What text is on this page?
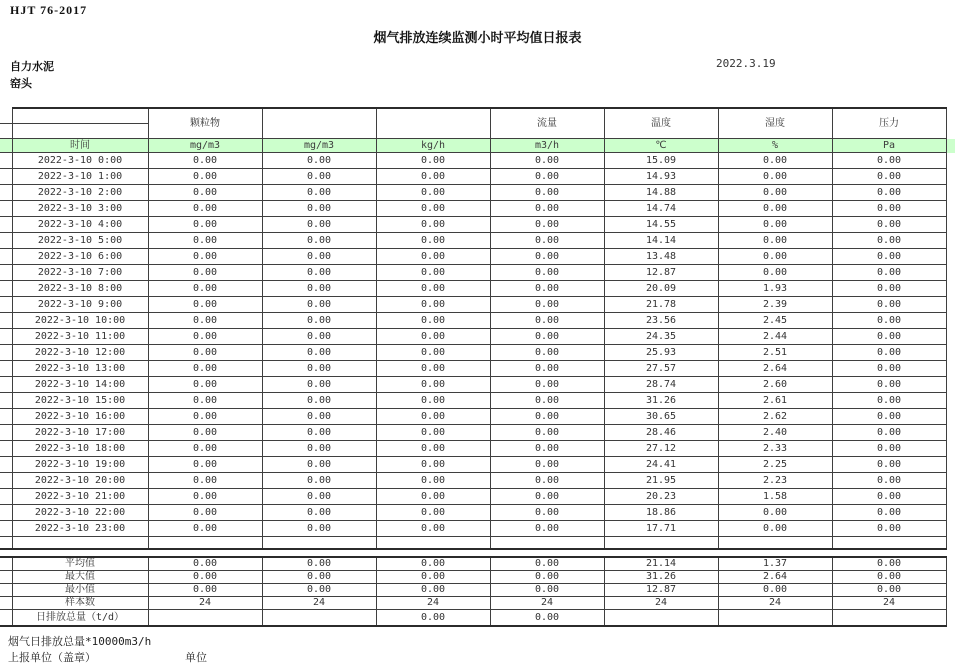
HJT 76-2017
烟气排放连续监测小时平均值日报表
自力水泥	2022.3.19
窑头
		颗粒物			流量	温度	湿度	压力	

	时间	mg/m3	mg/m3	kg/h	m3/h	℃	%	Pa	
	2022-3-10 0:00	0.00	0.00	0.00	0.00	15.09	0.00	0.00	
	2022-3-10 1:00	0.00	0.00	0.00	0.00	14.93	0.00	0.00	
	2022-3-10 2:00	0.00	0.00	0.00	0.00	14.88	0.00	0.00	
	2022-3-10 3:00	0.00	0.00	0.00	0.00	14.74	0.00	0.00	
	2022-3-10 4:00	0.00	0.00	0.00	0.00	14.55	0.00	0.00	
	2022-3-10 5:00	0.00	0.00	0.00	0.00	14.14	0.00	0.00	
	2022-3-10 6:00	0.00	0.00	0.00	0.00	13.48	0.00	0.00	
	2022-3-10 7:00	0.00	0.00	0.00	0.00	12.87	0.00	0.00	
	2022-3-10 8:00	0.00	0.00	0.00	0.00	20.09	1.93	0.00	
	2022-3-10 9:00	0.00	0.00	0.00	0.00	21.78	2.39	0.00	
	2022-3-10 10:00	0.00	0.00	0.00	0.00	23.56	2.45	0.00	
	2022-3-10 11:00	0.00	0.00	0.00	0.00	24.35	2.44	0.00	
	2022-3-10 12:00	0.00	0.00	0.00	0.00	25.93	2.51	0.00	
	2022-3-10 13:00	0.00	0.00	0.00	0.00	27.57	2.64	0.00	
	2022-3-10 14:00	0.00	0.00	0.00	0.00	28.74	2.60	0.00	
	2022-3-10 15:00	0.00	0.00	0.00	0.00	31.26	2.61	0.00	
	2022-3-10 16:00	0.00	0.00	0.00	0.00	30.65	2.62	0.00	
	2022-3-10 17:00	0.00	0.00	0.00	0.00	28.46	2.40	0.00	
	2022-3-10 18:00	0.00	0.00	0.00	0.00	27.12	2.33	0.00	
	2022-3-10 19:00	0.00	0.00	0.00	0.00	24.41	2.25	0.00	
	2022-3-10 20:00	0.00	0.00	0.00	0.00	21.95	2.23	0.00	
	2022-3-10 21:00	0.00	0.00	0.00	0.00	20.23	1.58	0.00	
	2022-3-10 22:00	0.00	0.00	0.00	0.00	18.86	0.00	0.00	
	2022-3-10 23:00	0.00	0.00	0.00	0.00	17.71	0.00	0.00	

	平均值	0.00	0.00	0.00	0.00	21.14	1.37	0.00	
	最大值	0.00	0.00	0.00	0.00	31.26	2.64	0.00	
	最小值	0.00	0.00	0.00	0.00	12.87	0.00	0.00	
	样本数	24	24	24	24	24	24	24	
	日排放总量（t/d）			0.00	0.00				
烟气日排放总量*10000m3/h
上报单位（盖章）	单位
